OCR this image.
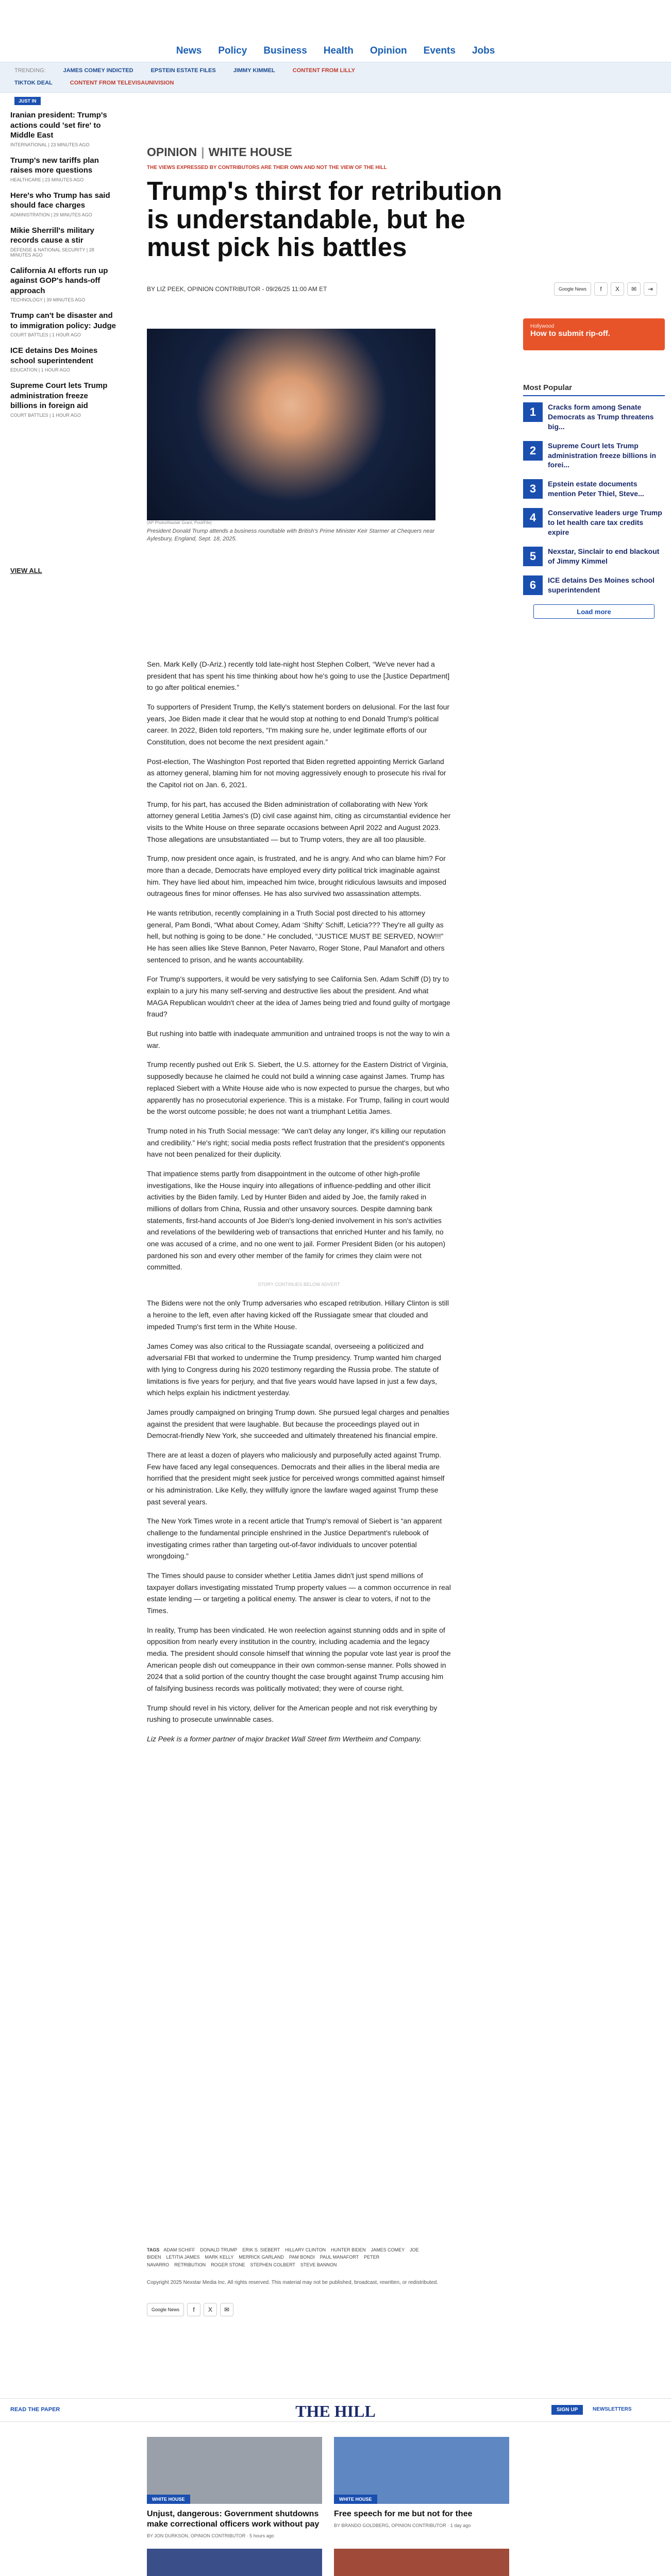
News Policy Business Health Opinion Events Jobs
TRENDING:	JAMES COMEY INDICTED	EPSTEIN ESTATE FILES	JIMMY KIMMEL	CONTENT FROM LILLY
TIKTOK DEAL	CONTENT FROM TELEVISAUNIVISION
JUST IN
Iranian president: Trump's actions could 'set fire' to Middle East
INTERNATIONAL | 23 MINUTES AGO
Trump's new tariffs plan raises more questions
HEALTHCARE | 23 MINUTES AGO
Here's who Trump has said should face charges
ADMINISTRATION | 29 MINUTES AGO
Mikie Sherrill's military records cause a stir
DEFENSE & NATIONAL SECURITY | 28 MINUTES AGO
California AI efforts run up against GOP's hands-off approach
TECHNOLOGY | 39 MINUTES AGO
Trump can't be disaster and to immigration policy: Judge
COURT BATTLES | 1 HOUR AGO
ICE detains Des Moines school superintendent
EDUCATION | 1 HOUR AGO
Supreme Court lets Trump administration freeze billions in foreign aid
COURT BATTLES | 1 HOUR AGO
VIEW ALL
OPINION | WHITE HOUSE
THE VIEWS EXPRESSED BY CONTRIBUTORS ARE THEIR OWN AND NOT THE VIEW OF THE HILL
Trump's thirst for retribution is understandable, but he must pick his battles
BY LIZ PEEK, OPINION CONTRIBUTOR - 09/26/25 11:00 AM ET	Google News	f	X	✉	⇥
(AP Photo/Alastair Grant, Pool/File)
President Donald Trump attends a business roundtable with British's Prime Minister Keir Starmer at Chequers near Aylesbury, England, Sept. 18, 2025.
Hollywood
How to submit rip-off.
Most Popular
1	Cracks form among Senate Democrats as Trump threatens big...
2	Supreme Court lets Trump administration freeze billions in forei...
3	Epstein estate documents mention Peter Thiel, Steve...
4	Conservative leaders urge Trump to let health care tax credits expire
5	Nexstar, Sinclair to end blackout of Jimmy Kimmel
6	ICE detains Des Moines school superintendent
Load more

Sen. Mark Kelly (D-Ariz.) recently told late-night host Stephen Colbert, “We've never had a president that has spent his time thinking about how he's going to use the [Justice Department] to go after political enemies.”

To supporters of President Trump, the Kelly's statement borders on delusional. For the last four years, Joe Biden made it clear that he would stop at nothing to end Donald Trump's political career. In 2022, Biden told reporters, “I'm making sure he, under legitimate efforts of our Constitution, does not become the next president again.”

Post-election, The Washington Post reported that Biden regretted appointing Merrick Garland as attorney general, blaming him for not moving aggressively enough to prosecute his rival for the Capitol riot on Jan. 6, 2021.

Trump, for his part, has accused the Biden administration of collaborating with New York attorney general Letitia James's (D) civil case against him, citing as circumstantial evidence her visits to the White House on three separate occasions between April 2022 and August 2023. Those allegations are unsubstantiated — but to Trump voters, they are all too plausible.

Trump, now president once again, is frustrated, and he is angry. And who can blame him? For more than a decade, Democrats have employed every dirty political trick imaginable against him. They have lied about him, impeached him twice, brought ridiculous lawsuits and imposed outrageous fines for minor offenses. He has also survived two assassination attempts.

He wants retribution, recently complaining in a Truth Social post directed to his attorney general, Pam Bondi, “What about Comey, Adam ‘Shifty’ Schiff, Leticia??? They're all guilty as hell, but nothing is going to be done.” He concluded, “JUSTICE MUST BE SERVED, NOW!!!” He has seen allies like Steve Bannon, Peter Navarro, Roger Stone, Paul Manafort and others sentenced to prison, and he wants accountability.

For Trump's supporters, it would be very satisfying to see California Sen. Adam Schiff (D) try to explain to a jury his many self-serving and destructive lies about the president. And what MAGA Republican wouldn't cheer at the idea of James being tried and found guilty of mortgage fraud?

But rushing into battle with inadequate ammunition and untrained troops is not the way to win a war.

Trump recently pushed out Erik S. Siebert, the U.S. attorney for the Eastern District of Virginia, supposedly because he claimed he could not build a winning case against James. Trump has replaced Siebert with a White House aide who is now expected to pursue the charges, but who apparently has no prosecutorial experience. This is a mistake. For Trump, failing in court would be the worst outcome possible; he does not want a triumphant Letitia James.

Trump noted in his Truth Social message: “We can't delay any longer, it's killing our reputation and credibility.” He's right; social media posts reflect frustration that the president's opponents have not been penalized for their duplicity.

That impatience stems partly from disappointment in the outcome of other high-profile investigations, like the House inquiry into allegations of influence-peddling and other illicit activities by the Biden family. Led by Hunter Biden and aided by Joe, the family raked in millions of dollars from China, Russia and other unsavory sources. Despite damning bank statements, first-hand accounts of Joe Biden's long-denied involvement in his son's activities and revelations of the bewildering web of transactions that enriched Hunter and his family, no one was accused of a crime, and no one went to jail. Former President Biden (or his autopen) pardoned his son and every other member of the family for crimes they claim were not committed.

STORY CONTINUES BELOW ADVERT

The Bidens were not the only Trump adversaries who escaped retribution. Hillary Clinton is still a heroine to the left, even after having kicked off the Russiagate smear that clouded and impeded Trump's first term in the White House.

James Comey was also critical to the Russiagate scandal, overseeing a politicized and adversarial FBI that worked to undermine the Trump presidency. Trump wanted him charged with lying to Congress during his 2020 testimony regarding the Russia probe. The statute of limitations is five years for perjury, and that five years would have lapsed in just a few days, which helps explain his indictment yesterday.

James proudly campaigned on bringing Trump down. She pursued legal charges and penalties against the president that were laughable. But because the proceedings played out in Democrat-friendly New York, she succeeded and ultimately threatened his financial empire.

There are at least a dozen of players who maliciously and purposefully acted against Trump. Few have faced any legal consequences. Democrats and their allies in the liberal media are horrified that the president might seek justice for perceived wrongs committed against himself or his administration. Like Kelly, they willfully ignore the lawfare waged against Trump these past several years.

The New York Times wrote in a recent article that Trump's removal of Siebert is “an apparent challenge to the fundamental principle enshrined in the Justice Department's rulebook of investigating crimes rather than targeting out-of-favor individuals to uncover potential wrongdoing.”

The Times should pause to consider whether Letitia James didn't just spend millions of taxpayer dollars investigating misstated Trump property values — a common occurrence in real estate lending — or targeting a political enemy. The answer is clear to voters, if not to the Times.

In reality, Trump has been vindicated. He won reelection against stunning odds and in spite of opposition from nearly every institution in the country, including academia and the legacy media. The president should console himself that winning the popular vote last year is proof the American people dish out comeuppance in their own common-sense manner. Polls showed in 2024 that a solid portion of the country thought the case brought against Trump accusing him of falsifying business records was politically motivated; they were of course right.

Trump should revel in his victory, deliver for the American people and not risk everything by rushing to prosecute unwinnable cases.

Liz Peek is a former partner of major bracket Wall Street firm Wertheim and Company.

TAGS ADAM SCHIFF DONALD TRUMP ERIK S. SIEBERT HILLARY CLINTON HUNTER BIDEN JAMES COMEY JOE BIDEN LETITIA JAMES MARK KELLY MERRICK GARLAND PAM BONDI PAUL MANAFORT PETER NAVARRO RETRIBUTION ROGER STONE STEPHEN COLBERT STEVE BANNON
Copyright 2025 Nexstar Media Inc. All rights reserved. This material may not be published, broadcast, rewritten, or redistributed.
Google News	f	X	✉
THE HILL
READ THE PAPER	SIGN UP	NEWSLETTERS
WHITE HOUSE
Unjust, dangerous: Government shutdowns make correctional officers work without pay
BY JON DURKSON, OPINION CONTRIBUTOR · 5 hours ago
WHITE HOUSE
Free speech for me but not for thee
BY BRANDO GOLDBERG, OPINION CONTRIBUTOR · 1 day ago
